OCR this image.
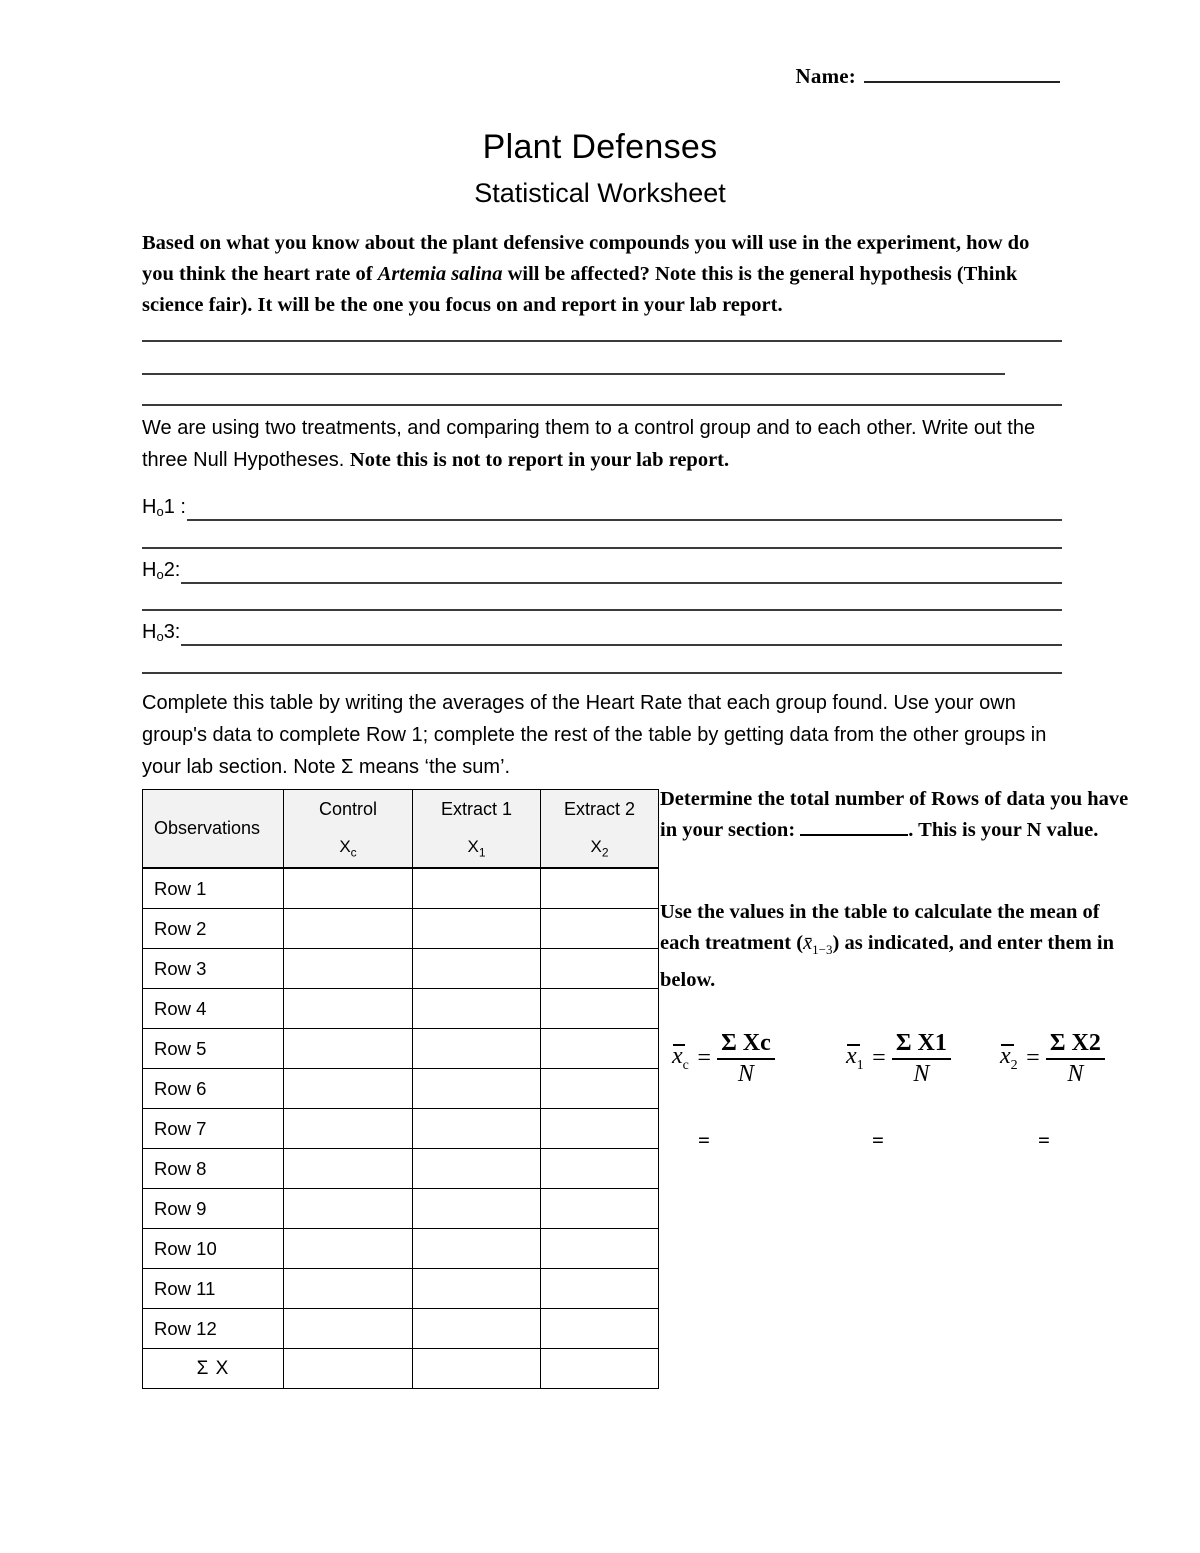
Name:
Plant Defenses
Statistical Worksheet
Based on what you know about the plant defensive compounds you will use in the experiment, how do you think the heart rate of Artemia salina will be affected? Note this is the general hypothesis (Think science fair). It will be the one you focus on and report in your lab report.
We are using two treatments, and comparing them to a control group and to each other. Write out the three Null Hypotheses. Note this is not to report in your lab report.
$H_o1$ :
$H_o2$:
$H_o3$:
Complete this table by writing the averages of the Heart Rate that each group found. Use your own group's data to complete Row 1; complete the rest of the table by getting data from the other groups in your lab section. Note Σ means ‘the sum’.
Observations	Control	Extract 1	Extract 2
	$X_c$	$X_1$	$X_2$
Row 1			
Row 2			
Row 3			
Row 4			
Row 5			
Row 6			
Row 7			
Row 8			
Row 9			
Row 10			
Row 11			
Row 12			
Σ X			
Determine the total number of Rows of data you have in your section:	. This is your N value.
Use the values in the table to calculate the mean of each treatment $(x̄_{1-3})$ as indicated, and enter them in below.
$x_c = \frac{\text{Σ Xc}}{N}$	$x_1 = \frac{\text{Σ X1}}{N} x_2 = \frac{\text{Σ X2}}{N}$
=	=	=
